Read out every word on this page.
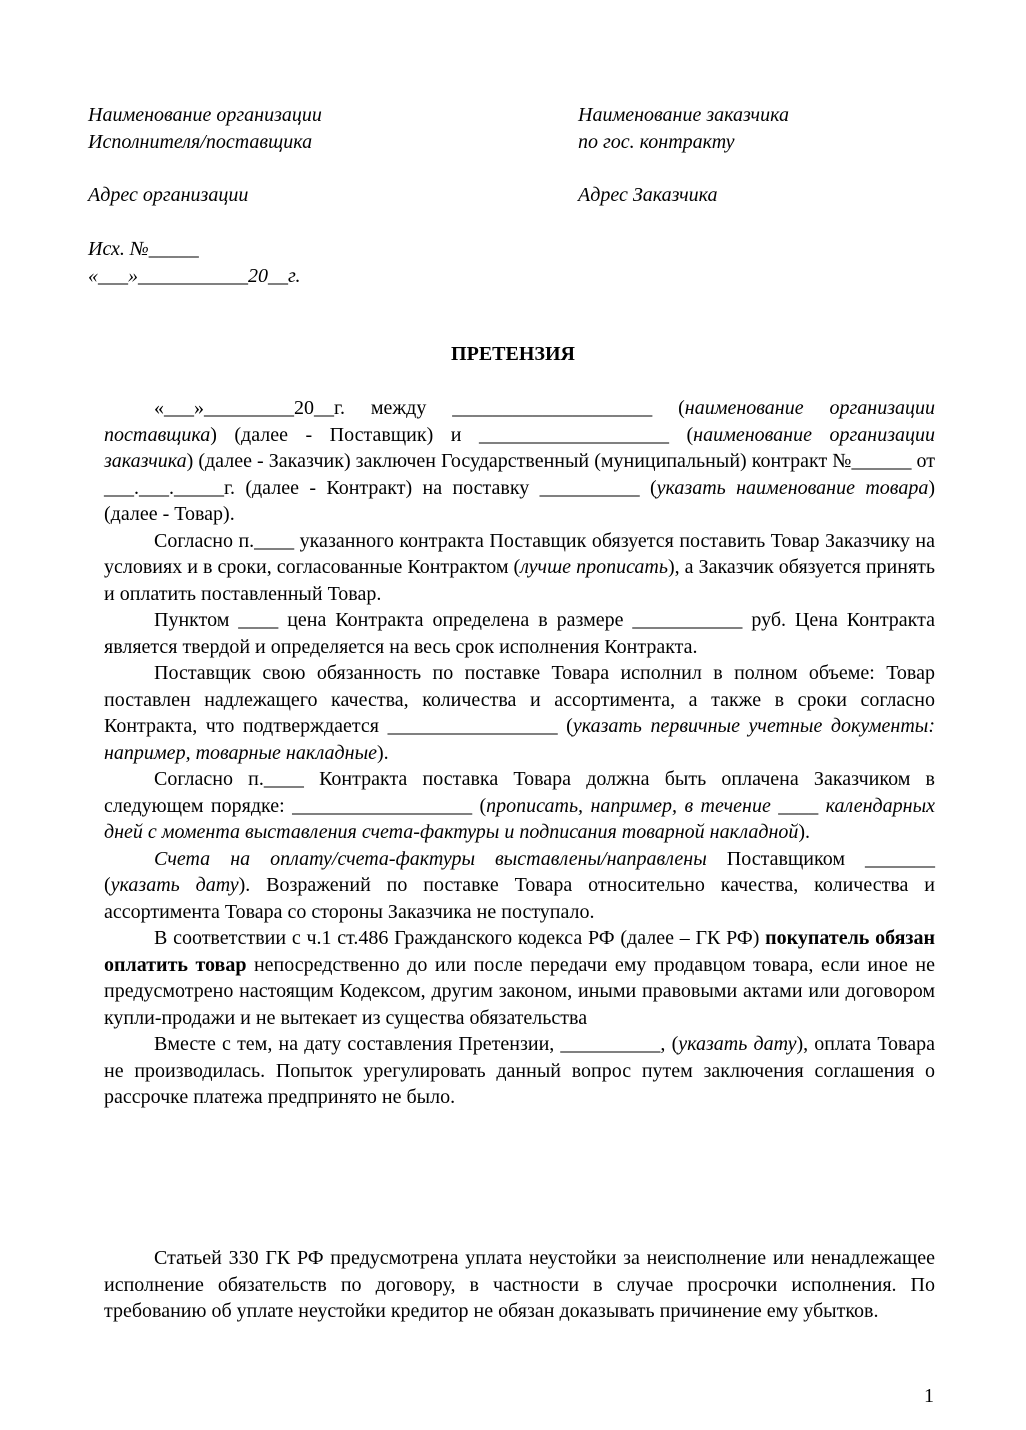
Наименование организации
Исполнителя/поставщика
Адрес организации
Наименование заказчика
по гос. контракту
Адрес Заказчика
Исх. №_____
«___»___________20__г.
ПРЕТЕНЗИЯ

«___»_________20__г. между ____________________ (наименование организации поставщика) (далее - Поставщик) и ___________________ (наименование организации заказчика) (далее - Заказчик) заключен Государственный (муниципальный) контракт №______ от ___.___._____г. (далее - Контракт) на поставку __________ (указать наименование товара) (далее - Товар).

Согласно п.____ указанного контракта Поставщик обязуется поставить Товар Заказчику на условиях и в сроки, согласованные Контрактом (лучше прописать), а Заказчик обязуется принять и оплатить поставленный Товар.

Пунктом ____ цена Контракта определена в размере ___________ руб. Цена Контракта является твердой и определяется на весь срок исполнения Контракта.

Поставщик свою обязанность по поставке Товара исполнил в полном объеме: Товар поставлен надлежащего качества, количества и ассортимента, а также в сроки согласно Контракта, что подтверждается _________________ (указать первичные учетные документы: например, товарные накладные).

Согласно п.____ Контракта поставка Товара должна быть оплачена Заказчиком в следующем порядке: __________________ (прописать, например, в течение ____ календарных дней с момента выставления счета-фактуры и подписания товарной накладной).

Счета на оплату/счета-фактуры выставлены/направлены Поставщиком _______ (указать дату). Возражений по поставке Товара относительно качества, количества и ассортимента Товара со стороны Заказчика не поступало.

В соответствии с ч.1 ст.486 Гражданского кодекса РФ (далее – ГК РФ) покупатель обязан оплатить товар непосредственно до или после передачи ему продавцом товара, если иное не предусмотрено настоящим Кодексом, другим законом, иными правовыми актами или договором купли-продажи и не вытекает из существа обязательства

Вместе с тем, на дату составления Претензии, __________, (указать дату), оплата Товара не производилась. Попыток урегулировать данный вопрос путем заключения соглашения о рассрочке платежа предпринято не было.

Статьей 330 ГК РФ предусмотрена уплата неустойки за неисполнение или ненадлежащее исполнение обязательств по договору, в частности в случае просрочки исполнения. По требованию об уплате неустойки кредитор не обязан доказывать причинение ему убытков.

1
